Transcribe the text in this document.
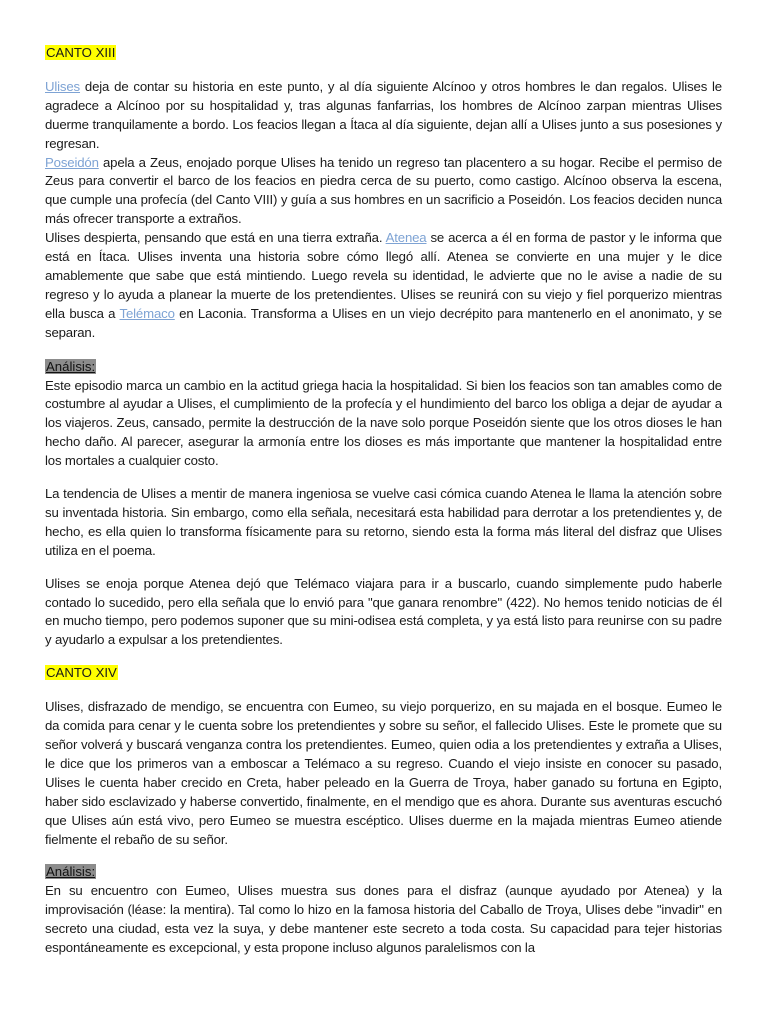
CANTO XIII

Ulises deja de contar su historia en este punto, y al día siguiente Alcínoo y otros hombres le dan regalos. Ulises le agradece a Alcínoo por su hospitalidad y, tras algunas fanfarrias, los hombres de Alcínoo zarpan mientras Ulises duerme tranquilamente a bordo. Los feacios llegan a Ítaca al día siguiente, dejan allí a Ulises junto a sus posesiones y regresan.

Poseidón apela a Zeus, enojado porque Ulises ha tenido un regreso tan placentero a su hogar. Recibe el permiso de Zeus para convertir el barco de los feacios en piedra cerca de su puerto, como castigo. Alcínoo observa la escena, que cumple una profecía (del Canto VIII) y guía a sus hombres en un sacrificio a Poseidón. Los feacios deciden nunca más ofrecer transporte a extraños.

Ulises despierta, pensando que está en una tierra extraña. Atenea se acerca a él en forma de pastor y le informa que está en Ítaca. Ulises inventa una historia sobre cómo llegó allí. Atenea se convierte en una mujer y le dice amablemente que sabe que está mintiendo. Luego revela su identidad, le advierte que no le avise a nadie de su regreso y lo ayuda a planear la muerte de los pretendientes. Ulises se reunirá con su viejo y fiel porquerizo mientras ella busca a Telémaco en Laconia. Transforma a Ulises en un viejo decrépito para mantenerlo en el anonimato, y se separan.

Análisis:

Este episodio marca un cambio en la actitud griega hacia la hospitalidad. Si bien los feacios son tan amables como de costumbre al ayudar a Ulises, el cumplimiento de la profecía y el hundimiento del barco los obliga a dejar de ayudar a los viajeros. Zeus, cansado, permite la destrucción de la nave solo porque Poseidón siente que los otros dioses le han hecho daño. Al parecer, asegurar la armonía entre los dioses es más importante que mantener la hospitalidad entre los mortales a cualquier costo.

La tendencia de Ulises a mentir de manera ingeniosa se vuelve casi cómica cuando Atenea le llama la atención sobre su inventada historia. Sin embargo, como ella señala, necesitará esta habilidad para derrotar a los pretendientes y, de hecho, es ella quien lo transforma físicamente para su retorno, siendo esta la forma más literal del disfraz que Ulises utiliza en el poema.

Ulises se enoja porque Atenea dejó que Telémaco viajara para ir a buscarlo, cuando simplemente pudo haberle contado lo sucedido, pero ella señala que lo envió para "que ganara renombre" (422). No hemos tenido noticias de él en mucho tiempo, pero podemos suponer que su mini-odisea está completa, y ya está listo para reunirse con su padre y ayudarlo a expulsar a los pretendientes.

CANTO XIV

Ulises, disfrazado de mendigo, se encuentra con Eumeo, su viejo porquerizo, en su majada en el bosque. Eumeo le da comida para cenar y le cuenta sobre los pretendientes y sobre su señor, el fallecido Ulises. Este le promete que su señor volverá y buscará venganza contra los pretendientes. Eumeo, quien odia a los pretendientes y extraña a Ulises, le dice que los primeros van a emboscar a Telémaco a su regreso. Cuando el viejo insiste en conocer su pasado, Ulises le cuenta haber crecido en Creta, haber peleado en la Guerra de Troya, haber ganado su fortuna en Egipto, haber sido esclavizado y haberse convertido, finalmente, en el mendigo que es ahora. Durante sus aventuras escuchó que Ulises aún está vivo, pero Eumeo se muestra escéptico. Ulises duerme en la majada mientras Eumeo atiende fielmente el rebaño de su señor.

Análisis:

En su encuentro con Eumeo, Ulises muestra sus dones para el disfraz (aunque ayudado por Atenea) y la improvisación (léase: la mentira). Tal como lo hizo en la famosa historia del Caballo de Troya, Ulises debe "invadir" en secreto una ciudad, esta vez la suya, y debe mantener este secreto a toda costa. Su capacidad para tejer historias espontáneamente es excepcional, y esta propone incluso algunos paralelismos con la
